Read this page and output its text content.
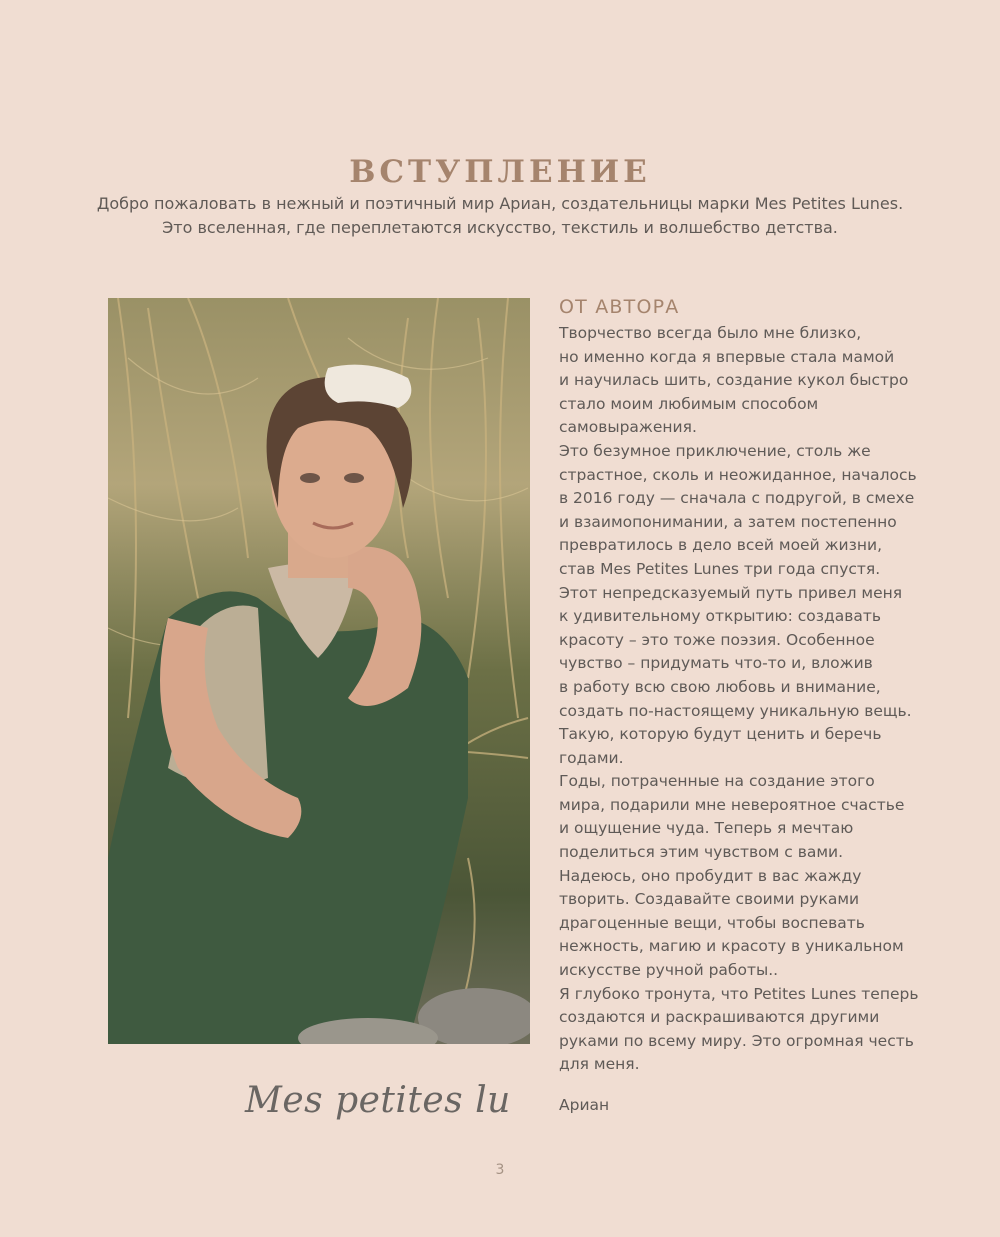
ВСТУПЛЕНИЕ
Добро пожаловать в нежный и поэтичный мир Ариан, создательницы марки Mes Petites Lunes.
Это вселенная, где переплетаются искусство, текстиль и волшебство детства.
ОТ АВТОРА
Творчество всегда было мне близко,
но именно когда я впервые стала мамой
и научилась шить, создание кукол быстро
стало моим любимым способом
самовыражения.
Это безумное приключение, столь же
страстное, сколь и неожиданное, началось
в 2016 году — сначала с подругой, в смехе
и взаимопонимании, а затем постепенно
превратилось в дело всей моей жизни,
став Mes Petites Lunes три года спустя.
Этот непредсказуемый путь привел меня
к удивительному открытию: создавать
красоту – это тоже поэзия. Особенное
чувство – придумать что-то и, вложив
в работу всю свою любовь и внимание,
создать по-настоящему уникальную вещь.
Такую, которую будут ценить и беречь
годами.
Годы, потраченные на создание этого
мира, подарили мне невероятное счастье
и ощущение чуда. Теперь я мечтаю
поделиться этим чувством с вами.
Надеюсь, оно пробудит в вас жажду
творить. Создавайте своими руками
драгоценные вещи, чтобы воспевать
нежность, магию и красоту в уникальном
искусстве ручной работы..
Я глубоко тронута, что Petites Lunes теперь
создаются и раскрашиваются другими
руками по всему миру. Это огромная честь
для меня.
Ариан
Mes petites lu
3
